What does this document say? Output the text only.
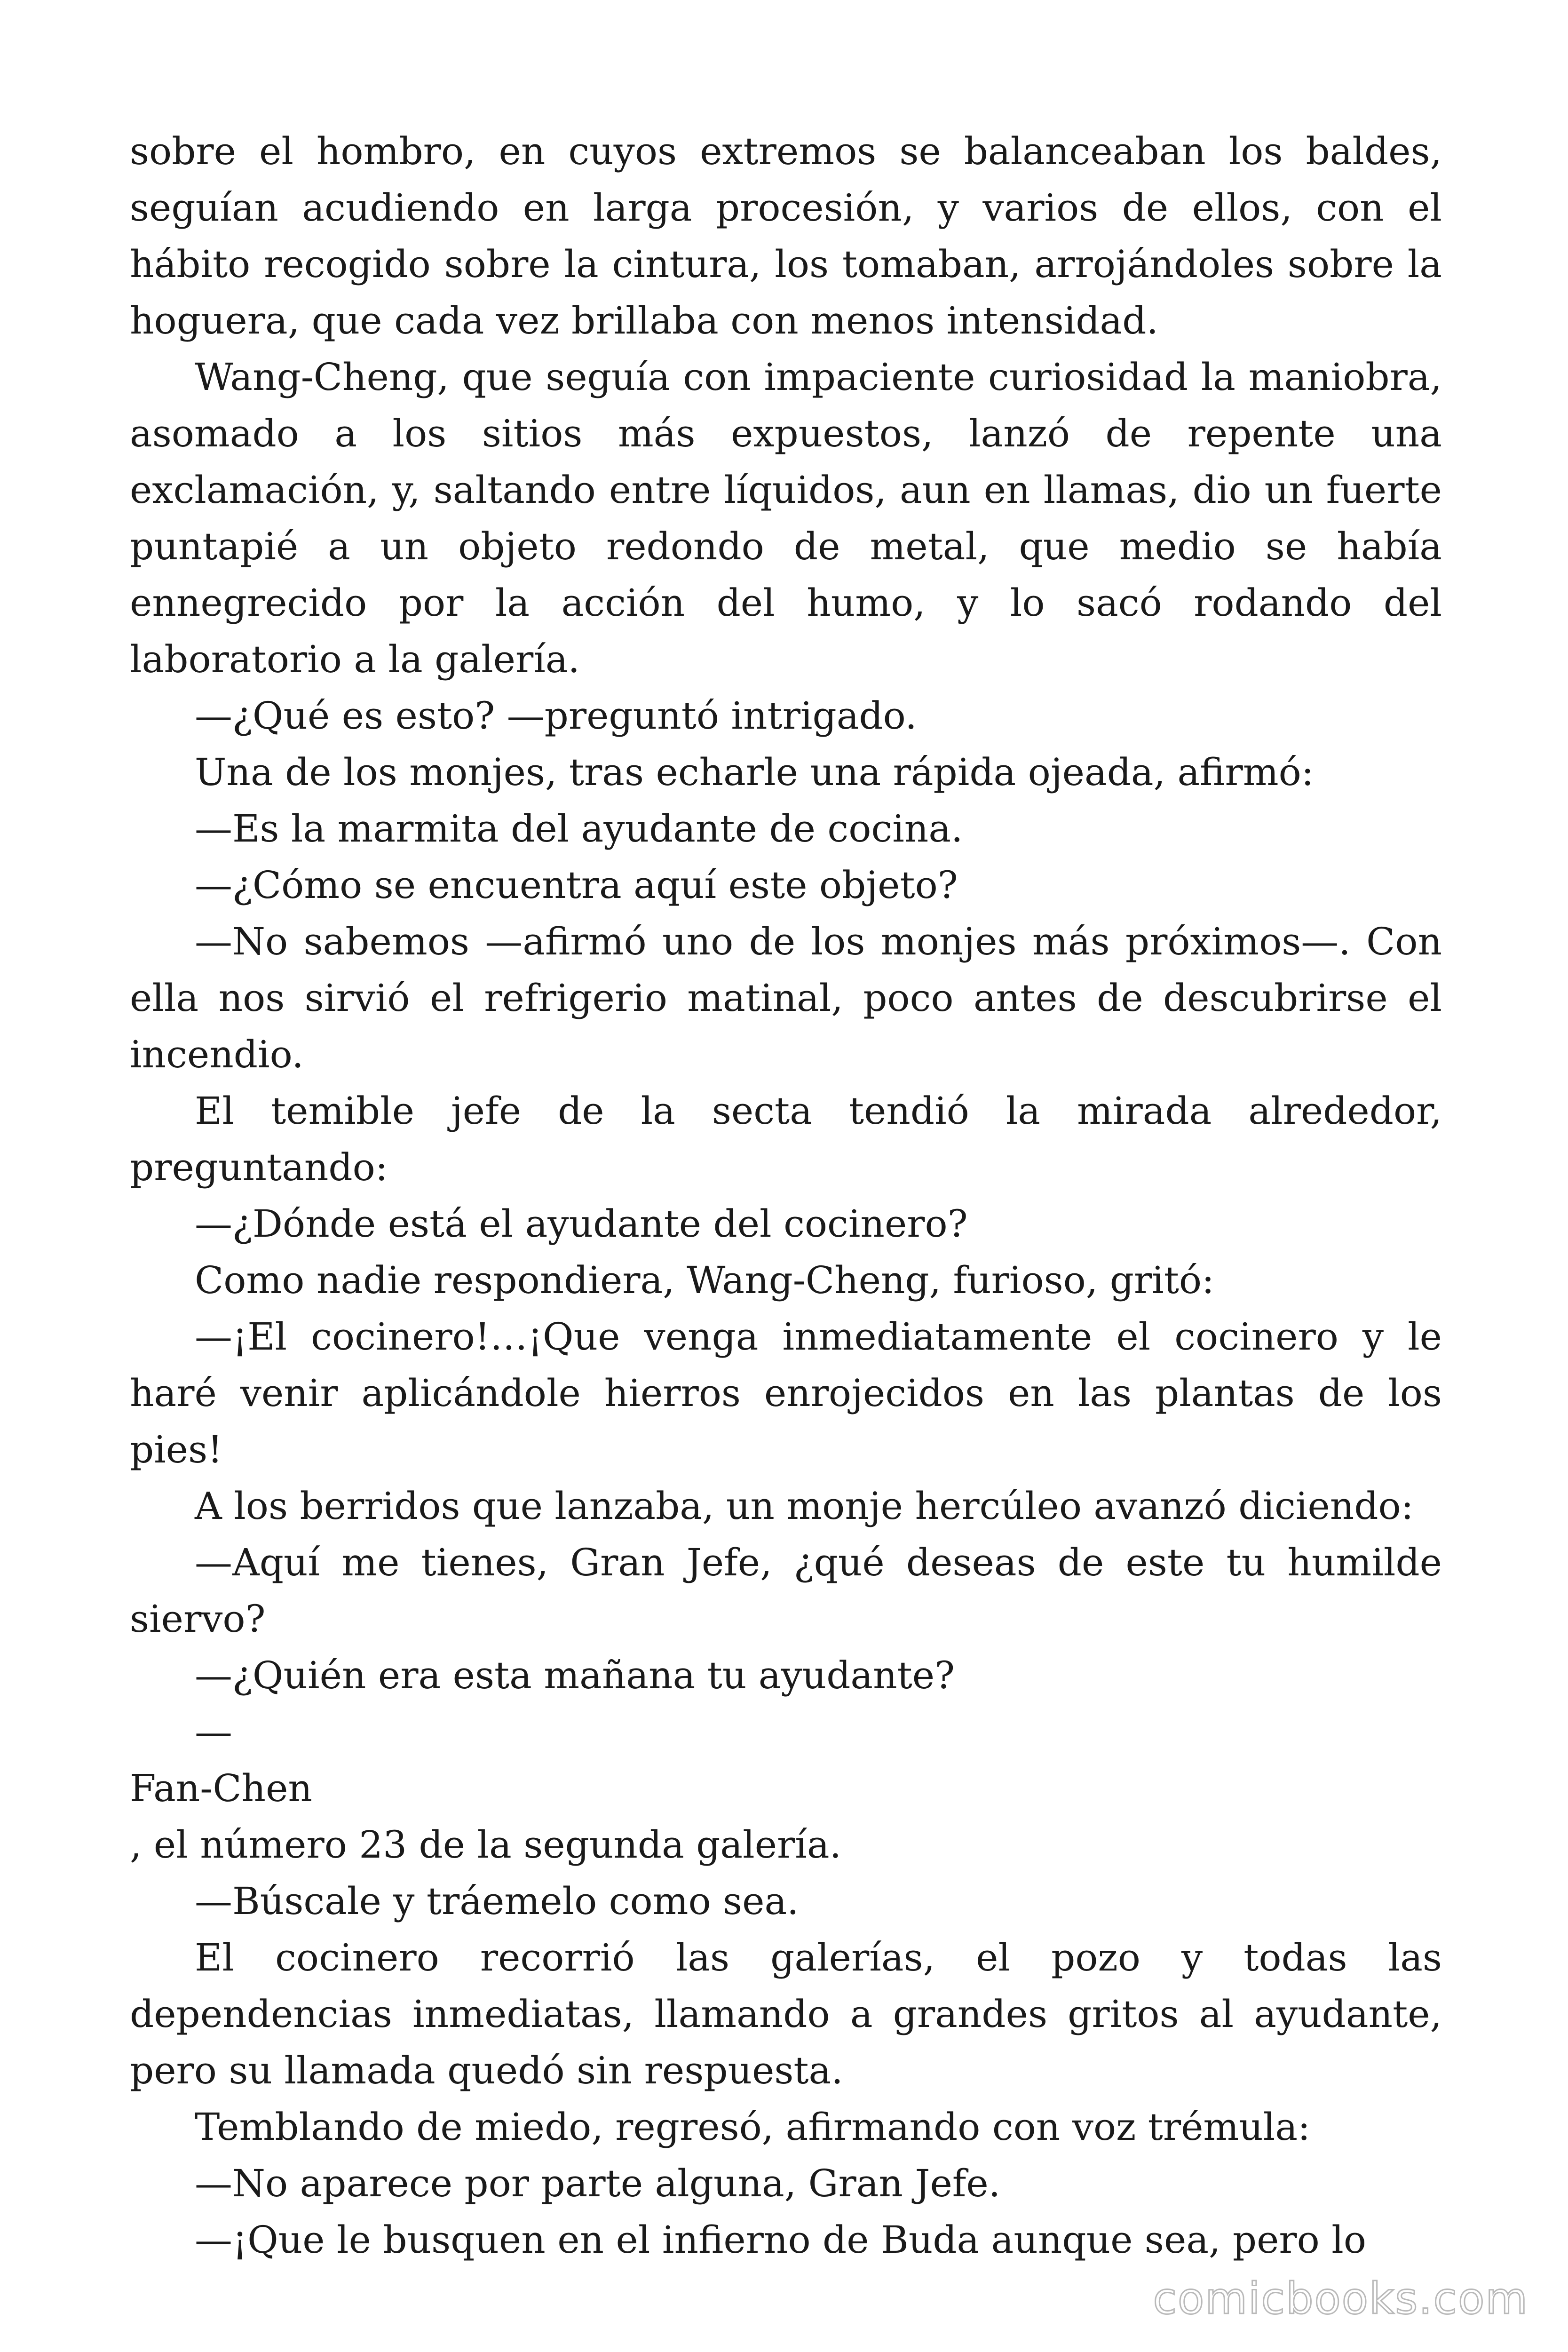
sobre el hombro, en cuyos extremos se balanceaban los baldes, seguían acudiendo en larga procesión, y varios de ellos, con el hábito recogido sobre la cintura, los tomaban, arrojándoles sobre la hoguera, que cada vez brillaba con menos intensidad.

Wang-Cheng, que seguía con impaciente curiosidad la maniobra, asomado a los sitios más expuestos, lanzó de repente una exclamación, y, saltando entre líquidos, aun en llamas, dio un fuerte puntapié a un objeto redondo de metal, que medio se había ennegrecido por la acción del humo, y lo sacó rodando del laboratorio a la galería.

—¿Qué es esto? —preguntó intrigado.

Una de los monjes, tras echarle una rápida ojeada, afirmó:

—Es la marmita del ayudante de cocina.

—¿Cómo se encuentra aquí este objeto?

—No sabemos —afirmó uno de los monjes más próximos—. Con ella nos sirvió el refrigerio matinal, poco antes de descubrirse el incendio.

El temible jefe de la secta tendió la mirada alrededor, preguntando:

—¿Dónde está el ayudante del cocinero?

Como nadie respondiera, Wang-Cheng, furioso, gritó:

—¡El cocinero!…¡Que venga inmediatamente el cocinero y le haré venir aplicándole hierros enrojecidos en las plantas de los pies!

A los berridos que lanzaba, un monje hercúleo avanzó diciendo:

—Aquí me tienes, Gran Jefe, ¿qué deseas de este tu humilde siervo?

—¿Quién era esta mañana tu ayudante?

—

Fan-Chen

, el número 23 de la segunda galería.

—Búscale y tráemelo como sea.

El cocinero recorrió las galerías, el pozo y todas las dependencias inmediatas, llamando a grandes gritos al ayudante, pero su llamada quedó sin respuesta.

Temblando de miedo, regresó, afirmando con voz trémula:

—No aparece por parte alguna, Gran Jefe.

—¡Que le busquen en el infierno de Buda aunque sea, pero lo

comicbooks.com
